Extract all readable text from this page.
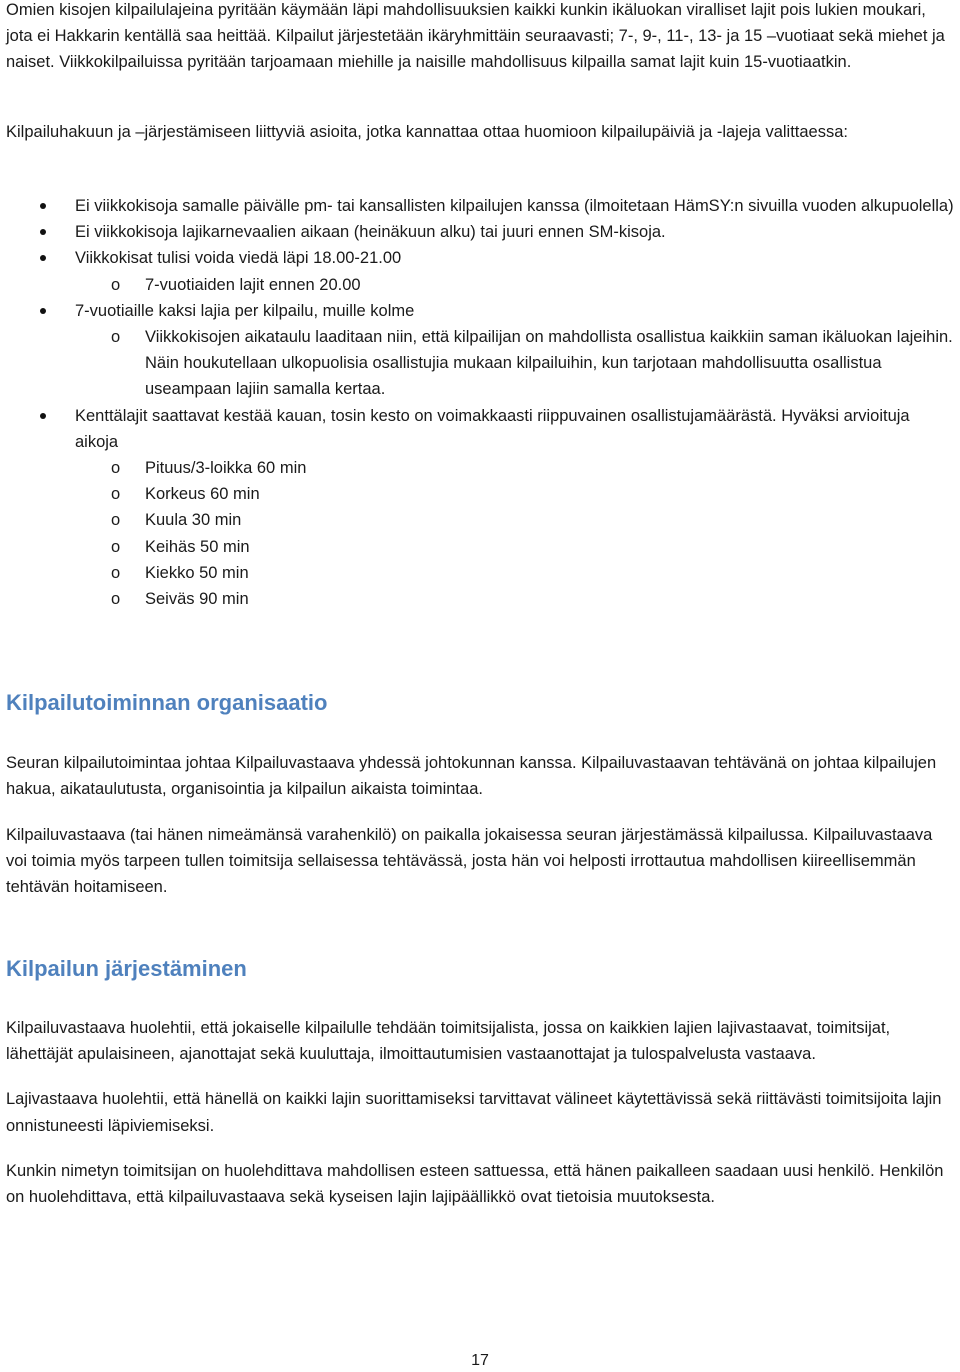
Omien kisojen kilpailulajeina pyritään käymään läpi mahdollisuuksien kaikki kunkin ikäluokan viralliset lajit pois lukien moukari, jota ei Hakkarin kentällä saa heittää. Kilpailut järjestetään ikäryhmittäin seuraavasti; 7-, 9-, 11-, 13- ja 15 –vuotiaat sekä miehet ja naiset. Viikkokilpailuissa pyritään tarjoamaan miehille ja naisille mahdollisuus kilpailla samat lajit kuin 15-vuotiaatkin.

Kilpailuhakuun ja –järjestämiseen liittyviä asioita, jotka kannattaa ottaa huomioon kilpailupäiviä ja -lajeja valittaessa:

Ei viikkokisoja samalle päivälle pm- tai kansallisten kilpailujen kanssa (ilmoitetaan HämSY:n sivuilla vuoden alkupuolella)
Ei viikkokisoja lajikarnevaalien aikaan (heinäkuun alku) tai juuri ennen SM-kisoja.
Viikkokisat tulisi voida viedä läpi 18.00-21.00
o 7-vuotiaiden lajit ennen 20.00
7-vuotiaille kaksi lajia per kilpailu, muille kolme
o Viikkokisojen aikataulu laaditaan niin, että kilpailijan on mahdollista osallistua kaikkiin saman ikäluokan lajeihin. Näin houkutellaan ulkopuolisia osallistujia mukaan kilpailuihin, kun tarjotaan mahdollisuutta osallistua useampaan lajiin samalla kertaa.
Kenttälajit saattavat kestää kauan, tosin kesto on voimakkaasti riippuvainen osallistujamäärästä. Hyväksi arvioituja aikoja
o Pituus/3-loikka 60 min
o Korkeus 60 min
o Kuula 30 min
o Keihäs 50 min
o Kiekko 50 min
o Seiväs 90 min
Kilpailutoiminnan organisaatio

Seuran kilpailutoimintaa johtaa Kilpailuvastaava yhdessä johtokunnan kanssa. Kilpailuvastaavan tehtävänä on johtaa kilpailujen hakua, aikataulutusta, organisointia ja kilpailun aikaista toimintaa.

Kilpailuvastaava (tai hänen nimeämänsä varahenkilö) on paikalla jokaisessa seuran järjestämässä kilpailussa. Kilpailuvastaava voi toimia myös tarpeen tullen toimitsija sellaisessa tehtävässä, josta hän voi helposti irrottautua mahdollisen kiireellisemmän tehtävän hoitamiseen.

Kilpailun järjestäminen

Kilpailuvastaava huolehtii, että jokaiselle kilpailulle tehdään toimitsijalista, jossa on kaikkien lajien lajivastaavat, toimitsijat, lähettäjät apulaisineen, ajanottajat sekä kuuluttaja, ilmoittautumisien vastaanottajat ja tulospalvelusta vastaava.

Lajivastaava huolehtii, että hänellä on kaikki lajin suorittamiseksi tarvittavat välineet käytettävissä sekä riittävästi toimitsijoita lajin onnistuneesti läpiviemiseksi.

Kunkin nimetyn toimitsijan on huolehdittava mahdollisen esteen sattuessa, että hänen paikalleen saadaan uusi henkilö. Henkilön on huolehdittava, että kilpailuvastaava sekä kyseisen lajin lajipäällikkö ovat tietoisia muutoksesta.

17
